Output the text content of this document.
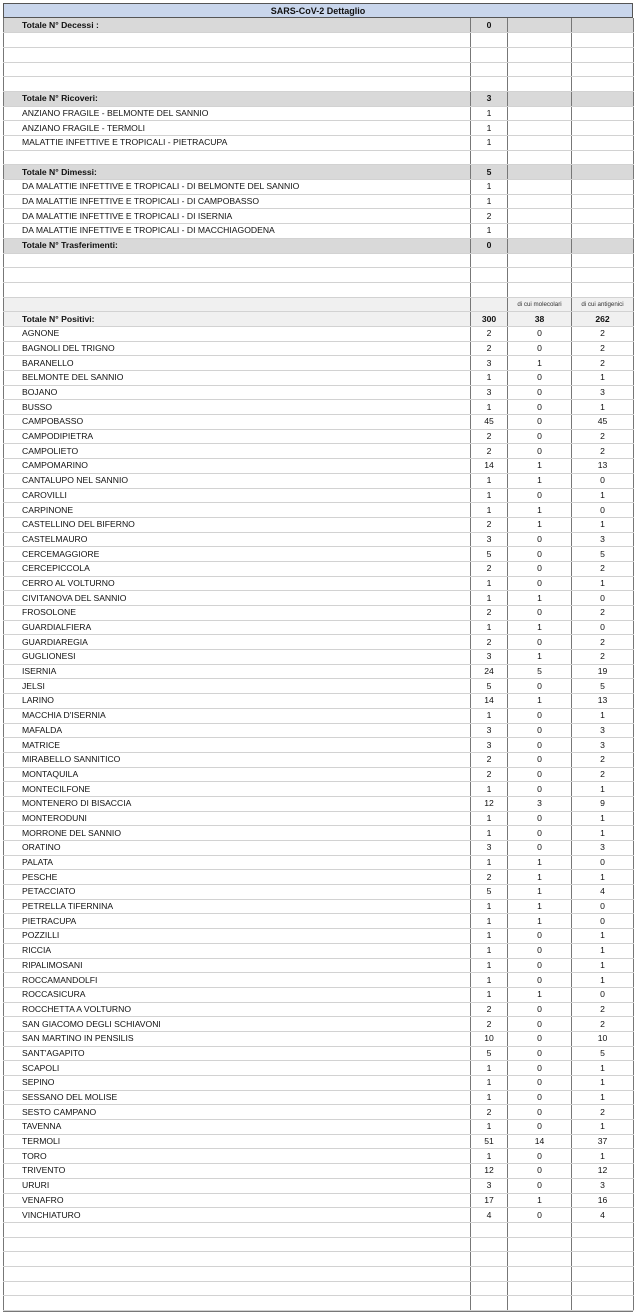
SARS-CoV-2 Dettaglio
Totale N° Decessi :	0		

Totale N° Ricoveri:	3		
ANZIANO FRAGILE - BELMONTE DEL SANNIO	1		
ANZIANO FRAGILE - TERMOLI	1		
MALATTIE INFETTIVE E TROPICALI - PIETRACUPA	1		

Totale N° Dimessi:	5		
DA MALATTIE INFETTIVE E TROPICALI - DI BELMONTE DEL SANNIO	1		
DA MALATTIE INFETTIVE E TROPICALI - DI CAMPOBASSO	1		
DA MALATTIE INFETTIVE E TROPICALI - DI ISERNIA	2		
DA MALATTIE INFETTIVE E TROPICALI - DI MACCHIAGODENA	1		
Totale N° Trasferimenti:	0		

		di cui molecolari	di cui antigenici
Totale N° Positivi:	300	38	262
AGNONE	2	0	2
BAGNOLI DEL TRIGNO	2	0	2
BARANELLO	3	1	2
BELMONTE DEL SANNIO	1	0	1
BOJANO	3	0	3
BUSSO	1	0	1
CAMPOBASSO	45	0	45
CAMPODIPIETRA	2	0	2
CAMPOLIETO	2	0	2
CAMPOMARINO	14	1	13
CANTALUPO NEL SANNIO	1	1	0
CAROVILLI	1	0	1
CARPINONE	1	1	0
CASTELLINO DEL BIFERNO	2	1	1
CASTELMAURO	3	0	3
CERCEMAGGIORE	5	0	5
CERCEPICCOLA	2	0	2
CERRO AL VOLTURNO	1	0	1
CIVITANOVA DEL SANNIO	1	1	0
FROSOLONE	2	0	2
GUARDIALFIERA	1	1	0
GUARDIAREGIA	2	0	2
GUGLIONESI	3	1	2
ISERNIA	24	5	19
JELSI	5	0	5
LARINO	14	1	13
MACCHIA D'ISERNIA	1	0	1
MAFALDA	3	0	3
MATRICE	3	0	3
MIRABELLO SANNITICO	2	0	2
MONTAQUILA	2	0	2
MONTECILFONE	1	0	1
MONTENERO DI BISACCIA	12	3	9
MONTERODUNI	1	0	1
MORRONE DEL SANNIO	1	0	1
ORATINO	3	0	3
PALATA	1	1	0
PESCHE	2	1	1
PETACCIATO	5	1	4
PETRELLA TIFERNINA	1	1	0
PIETRACUPA	1	1	0
POZZILLI	1	0	1
RICCIA	1	0	1
RIPALIMOSANI	1	0	1
ROCCAMANDOLFI	1	0	1
ROCCASICURA	1	1	0
ROCCHETTA A VOLTURNO	2	0	2
SAN GIACOMO DEGLI SCHIAVONI	2	0	2
SAN MARTINO IN PENSILIS	10	0	10
SANT'AGAPITO	5	0	5
SCAPOLI	1	0	1
SEPINO	1	0	1
SESSANO DEL MOLISE	1	0	1
SESTO CAMPANO	2	0	2
TAVENNA	1	0	1
TERMOLI	51	14	37
TORO	1	0	1
TRIVENTO	12	0	12
URURI	3	0	3
VENAFRO	17	1	16
VINCHIATURO	4	0	4
